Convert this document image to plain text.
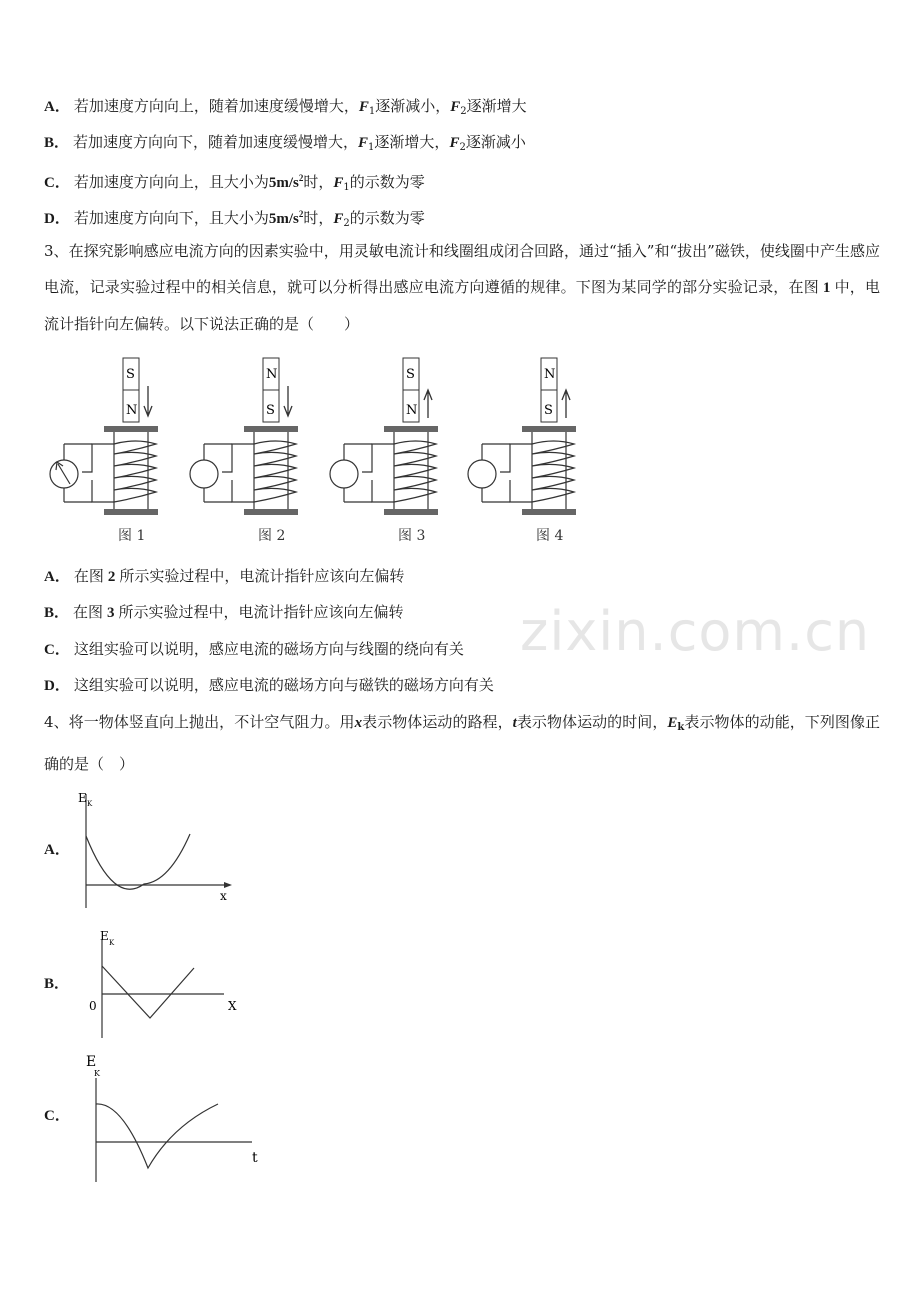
A． 若加速度方向向上，随着加速度缓慢增大，$F_1$逐渐减小，$F_2$逐渐增大
B． 若加速度方向向下，随着加速度缓慢增大，$F_1$逐渐增大，$F_2$逐渐减小
C． 若加速度方向向上，且大小为$5m/s^2$时，$F_1$的示数为零
D． 若加速度方向向下，且大小为$5m/s^2$时，$F_2$的示数为零
3、在探究影响感应电流方向的因素实验中，用灵敏电流计和线圈组成闭合回路，通过“插入”和“拔出”磁铁，使线圈中产生感应电流，记录实验过程中的相关信息，就可以分析得出感应电流方向遵循的规律。下图为某同学的部分实验记录，在图 1 中，电流计指针向左偏转。以下说法正确的是（　　）
S
N
图 1
N
S
图 2
S
N
图 3
N
S
图 4
A． 在图 2 所示实验过程中，电流计指针应该向左偏转
B． 在图 3 所示实验过程中，电流计指针应该向左偏转
C． 这组实验可以说明，感应电流的磁场方向与线圈的绕向有关
D． 这组实验可以说明，感应电流的磁场方向与磁铁的磁场方向有关
zixin.com.cn
4、将一物体竖直向上抛出，不计空气阻力。用x表示物体运动的路程，t表示物体运动的时间，$E_k$表示物体的动能，下列图像正确的是（　）
A．
E K
x
B．
E K
0	X
C．
E
K
t
